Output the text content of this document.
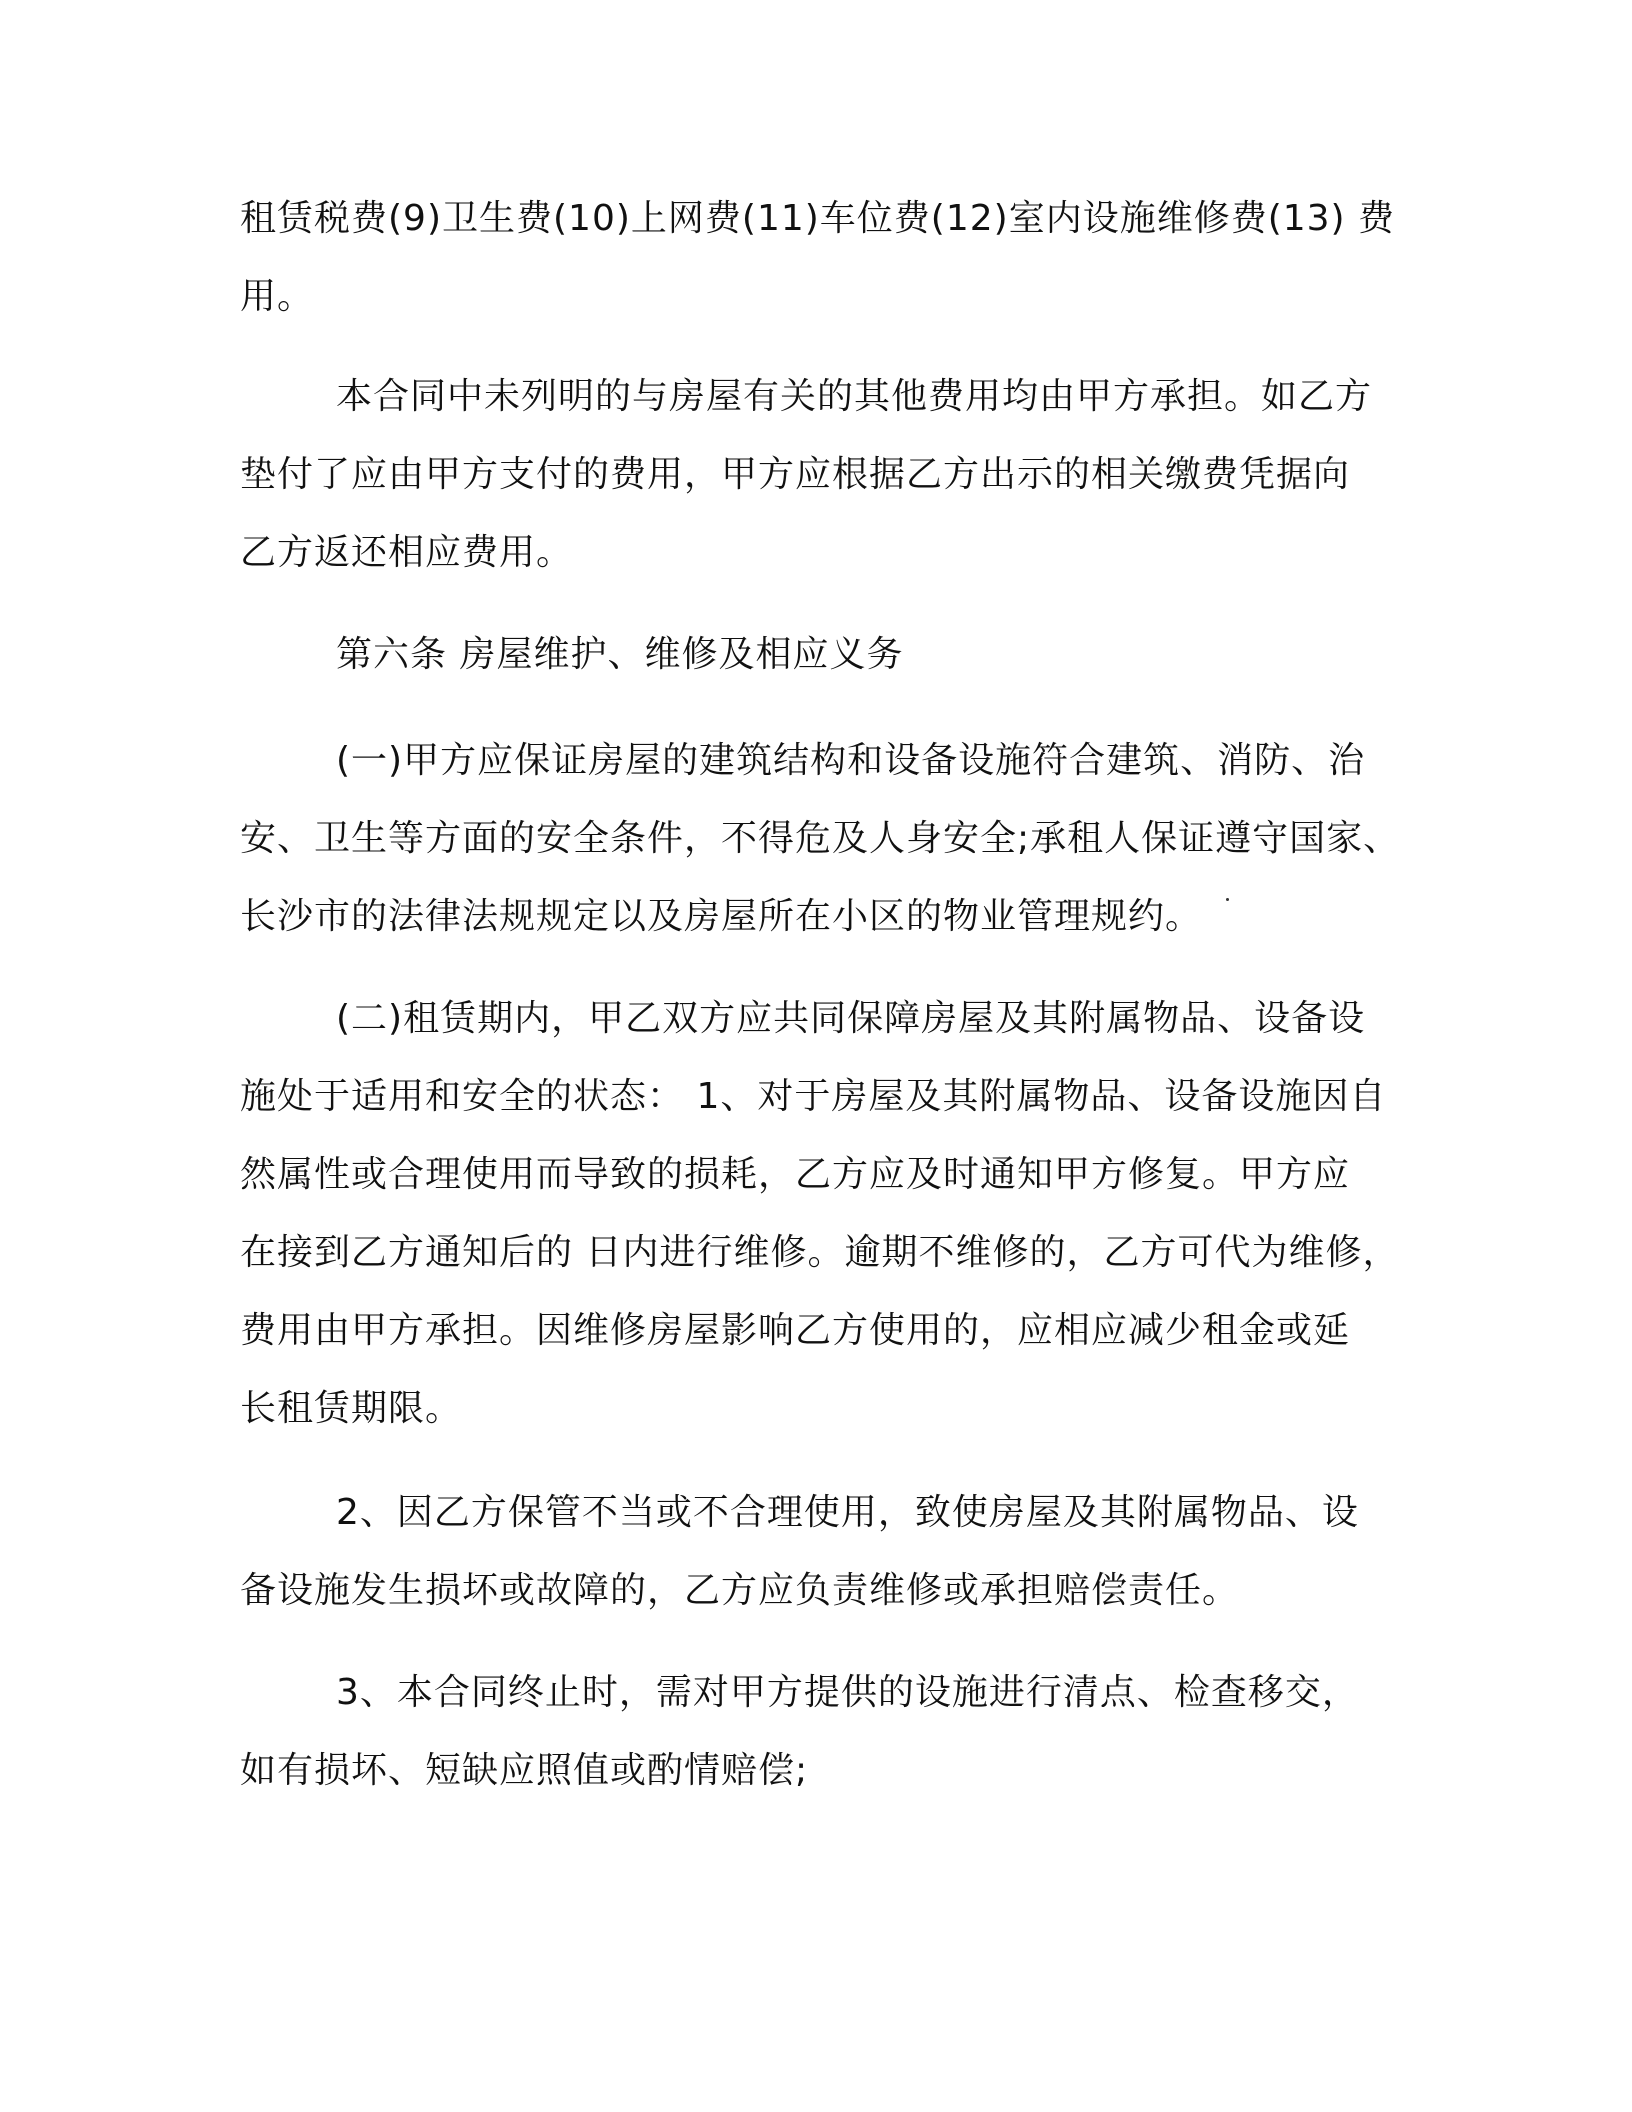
租赁税费(9)卫生费(10)上网费(11)车位费(12)室内设施维修费(13) 费
用。

本合同中未列明的与房屋有关的其他费用均由甲方承担。如乙方
垫付了应由甲方支付的费用，甲方应根据乙方出示的相关缴费凭据向
乙方返还相应费用。

第六条 房屋维护、维修及相应义务

(一)甲方应保证房屋的建筑结构和设备设施符合建筑、消防、治
安、卫生等方面的安全条件，不得危及人身安全;承租人保证遵守国家、
长沙市的法律法规规定以及房屋所在小区的物业管理规约。

(二)租赁期内，甲乙双方应共同保障房屋及其附属物品、设备设
施处于适用和安全的状态： 1、对于房屋及其附属物品、设备设施因自
然属性或合理使用而导致的损耗，乙方应及时通知甲方修复。甲方应
在接到乙方通知后的 日内进行维修。逾期不维修的，乙方可代为维修，
费用由甲方承担。因维修房屋影响乙方使用的，应相应减少租金或延
长租赁期限。

2、因乙方保管不当或不合理使用，致使房屋及其附属物品、设
备设施发生损坏或故障的，乙方应负责维修或承担赔偿责任。

3、本合同终止时，需对甲方提供的设施进行清点、检查移交，
如有损坏、短缺应照值或酌情赔偿;
